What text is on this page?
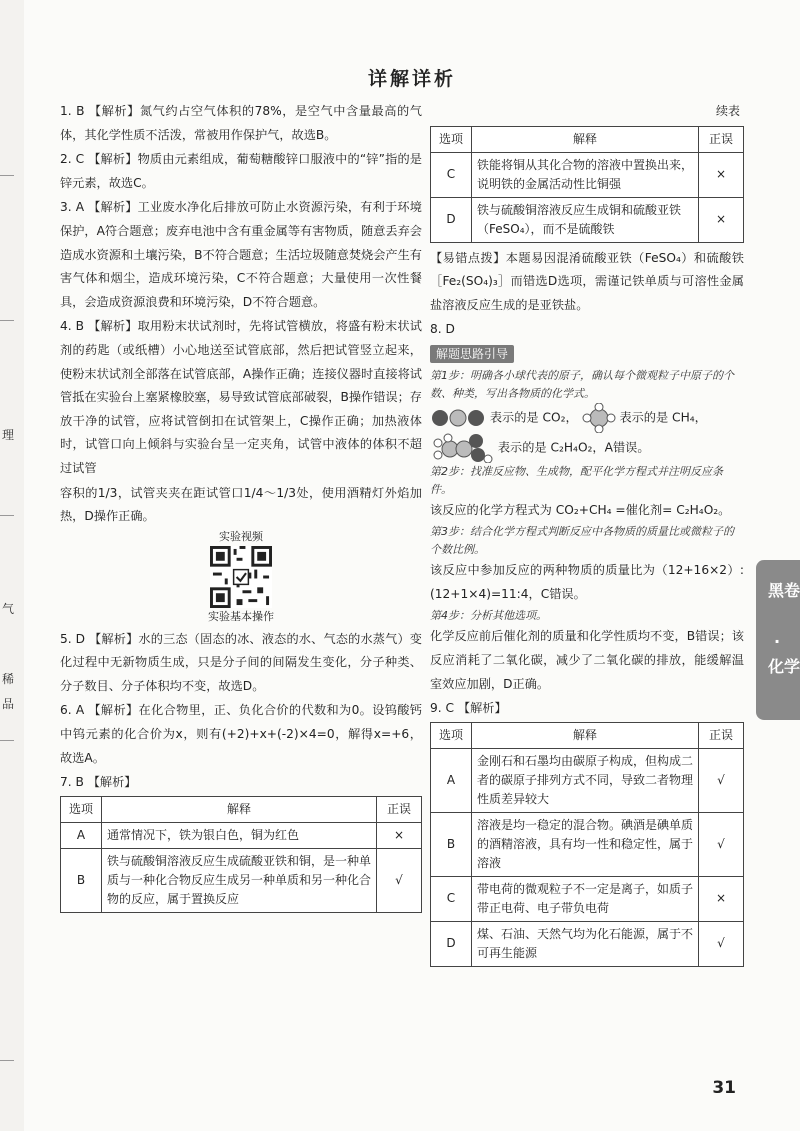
理
气
稀
品
详解详析

1. B 【解析】氮气约占空气体积的78%，是空气中含量最高的气体，其化学性质不活泼，常被用作保护气，故选B。

2. C 【解析】物质由元素组成，葡萄糖酸锌口服液中的“锌”指的是锌元素，故选C。

3. A 【解析】工业废水净化后排放可防止水资源污染，有利于环境保护，A符合题意；废弃电池中含有重金属等有害物质，随意丢弃会造成水资源和土壤污染，B不符合题意；生活垃圾随意焚烧会产生有害气体和烟尘，造成环境污染，C不符合题意；大量使用一次性餐具，会造成资源浪费和环境污染，D不符合题意。

4. B 【解析】取用粉末状试剂时，先将试管横放，将盛有粉末状试剂的药匙（或纸槽）小心地送至试管底部，然后把试管竖立起来，使粉末状试剂全部落在试管底部，A操作正确；连接仪器时直接将试管抵在实验台上塞紧橡胶塞，易导致试管底部破裂，B操作错误；存放干净的试管，应将试管倒扣在试管架上，C操作正确；加热液体时，试管口向上倾斜与实验台呈一定夹角，试管中液体的体积不超过试管

容积的1/3，试管夹夹在距试管口1/4～1/3处，使用酒精灯外焰加热，D操作正确。

实验视频
实验基本操作

5. D 【解析】水的三态（固态的冰、液态的水、气态的水蒸气）变化过程中无新物质生成，只是分子间的间隔发生变化，分子种类、分子数目、分子体积均不变，故选D。

6. A 【解析】在化合物里，正、负化合价的代数和为0。设钨酸钙中钨元素的化合价为x，则有(+2)+x+(-2)×4=0，解得x=+6，故选A。

7. B 【解析】

选项	解释	正误
A	通常情况下，铁为银白色，铜为红色	×
B	铁与硫酸铜溶液反应生成硫酸亚铁和铜，是一种单质与一种化合物反应生成另一种单质和另一种化合物的反应，属于置换反应	√
续表
选项	解释	正误
C	铁能将铜从其化合物的溶液中置换出来，说明铁的金属活动性比铜强	×
D	铁与硫酸铜溶液反应生成铜和硫酸亚铁（FeSO₄），而不是硫酸铁	×

【易错点拨】本题易因混淆硫酸亚铁（FeSO₄）和硫酸铁［Fe₂(SO₄)₃］而错选D选项，需谨记铁单质与可溶性金属盐溶液反应生成的是亚铁盐。

8. D

解题思路引导
第1步：明确各小球代表的原子，确认每个微观粒子中原子的个数、种类，写出各物质的化学式。
表示的是 CO₂，	表示的是 CH₄，
表示的是 C₂H₄O₂，A错误。
第2步：找准反应物、生成物，配平化学方程式并注明反应条件。

该反应的化学方程式为 CO₂+CH₄ =催化剂= C₂H₄O₂。

第3步：结合化学方程式判断反应中各物质的质量比或微粒子的个数比例。

该反应中参加反应的两种物质的质量比为（12+16×2）:(12+1×4)=11:4，C错误。

第4步：分析其他选项。

化学反应前后催化剂的质量和化学性质均不变，B错误；该反应消耗了二氧化碳，减少了二氧化碳的排放，能缓解温室效应加剧，D正确。

9. C 【解析】

选项	解释	正误
A	金刚石和石墨均由碳原子构成，但构成二者的碳原子排列方式不同，导致二者物理性质差异较大	√
B	溶液是均一稳定的混合物。碘酒是碘单质的酒精溶液，具有均一性和稳定性，属于溶液	√
C	带电荷的微观粒子不一定是离子，如质子带正电荷、电子带负电荷	×
D	煤、石油、天然气均为化石能源，属于不可再生能源	√
黑卷
·
化学
31
